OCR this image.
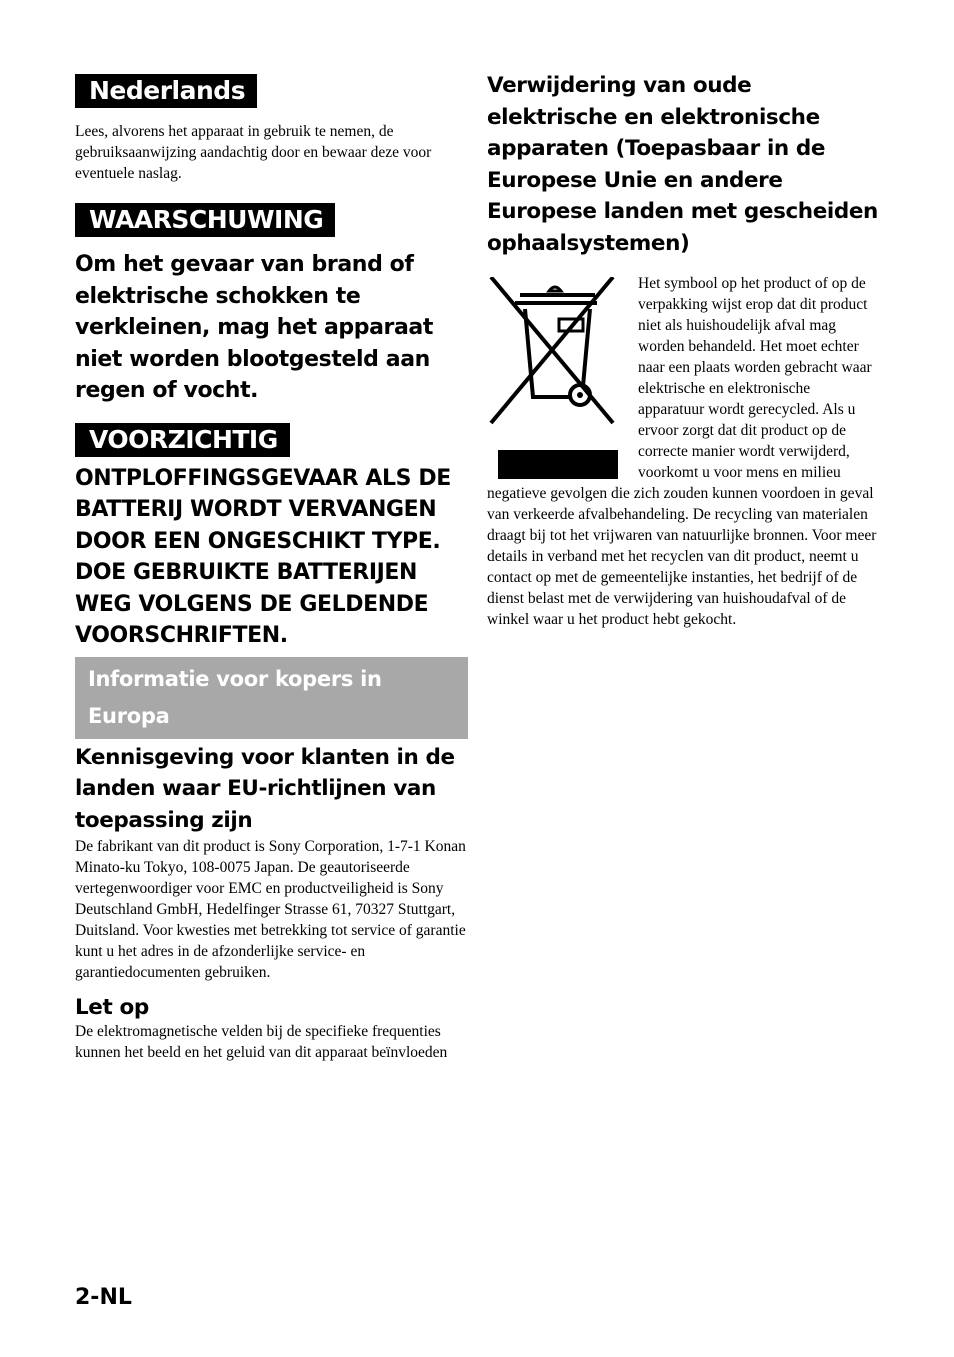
Nederlands

Lees, alvorens het apparaat in gebruik te nemen, de gebruiksaanwijzing aandachtig door en bewaar deze voor eventuele naslag.

WAARSCHUWING

Om het gevaar van brand of elektrische schokken te verkleinen, mag het apparaat niet worden blootgesteld aan regen of vocht.

VOORZICHTIG

ONTPLOFFINGSGEVAAR ALS DE BATTERIJ WORDT VERVANGEN DOOR EEN ONGESCHIKT TYPE. DOE GEBRUIKTE BATTERIJEN WEG VOLGENS DE GELDENDE VOORSCHRIFTEN.

Informatie voor kopers in Europa

Kennisgeving voor klanten in de landen waar EU-richtlijnen van toepassing zijn

De fabrikant van dit product is Sony Corporation, 1-7-1 Konan Minato-ku Tokyo, 108-0075 Japan. De geautoriseerde vertegenwoordiger voor EMC en productveiligheid is Sony Deutschland GmbH, Hedelfinger Strasse 61, 70327 Stuttgart, Duitsland. Voor kwesties met betrekking tot service of garantie kunt u het adres in de afzonderlijke service- en garantiedocumenten gebruiken.

Let op

De elektromagnetische velden bij de specifieke frequenties kunnen het beeld en het geluid van dit apparaat beïnvloeden

Verwijdering van oude elektrische en elektronische apparaten (Toepasbaar in de Europese Unie en andere Europese landen met gescheiden ophaalsystemen)

Het symbool op het product of op de verpakking wijst erop dat dit product niet als huishoudelijk afval mag worden behandeld. Het moet echter naar een plaats worden gebracht waar elektrische en elektronische apparatuur wordt gerecycled. Als u ervoor zorgt dat dit product op de correcte manier wordt verwijderd, voorkomt u voor mens en milieu negatieve gevolgen die zich zouden kunnen voordoen in geval van verkeerde afvalbehandeling. De recycling van materialen draagt bij tot het vrijwaren van natuurlijke bronnen. Voor meer details in verband met het recyclen van dit product, neemt u contact op met de gemeentelijke instanties, het bedrijf of de dienst belast met de verwijdering van huishoudafval of de winkel waar u het product hebt gekocht.

2-NL
